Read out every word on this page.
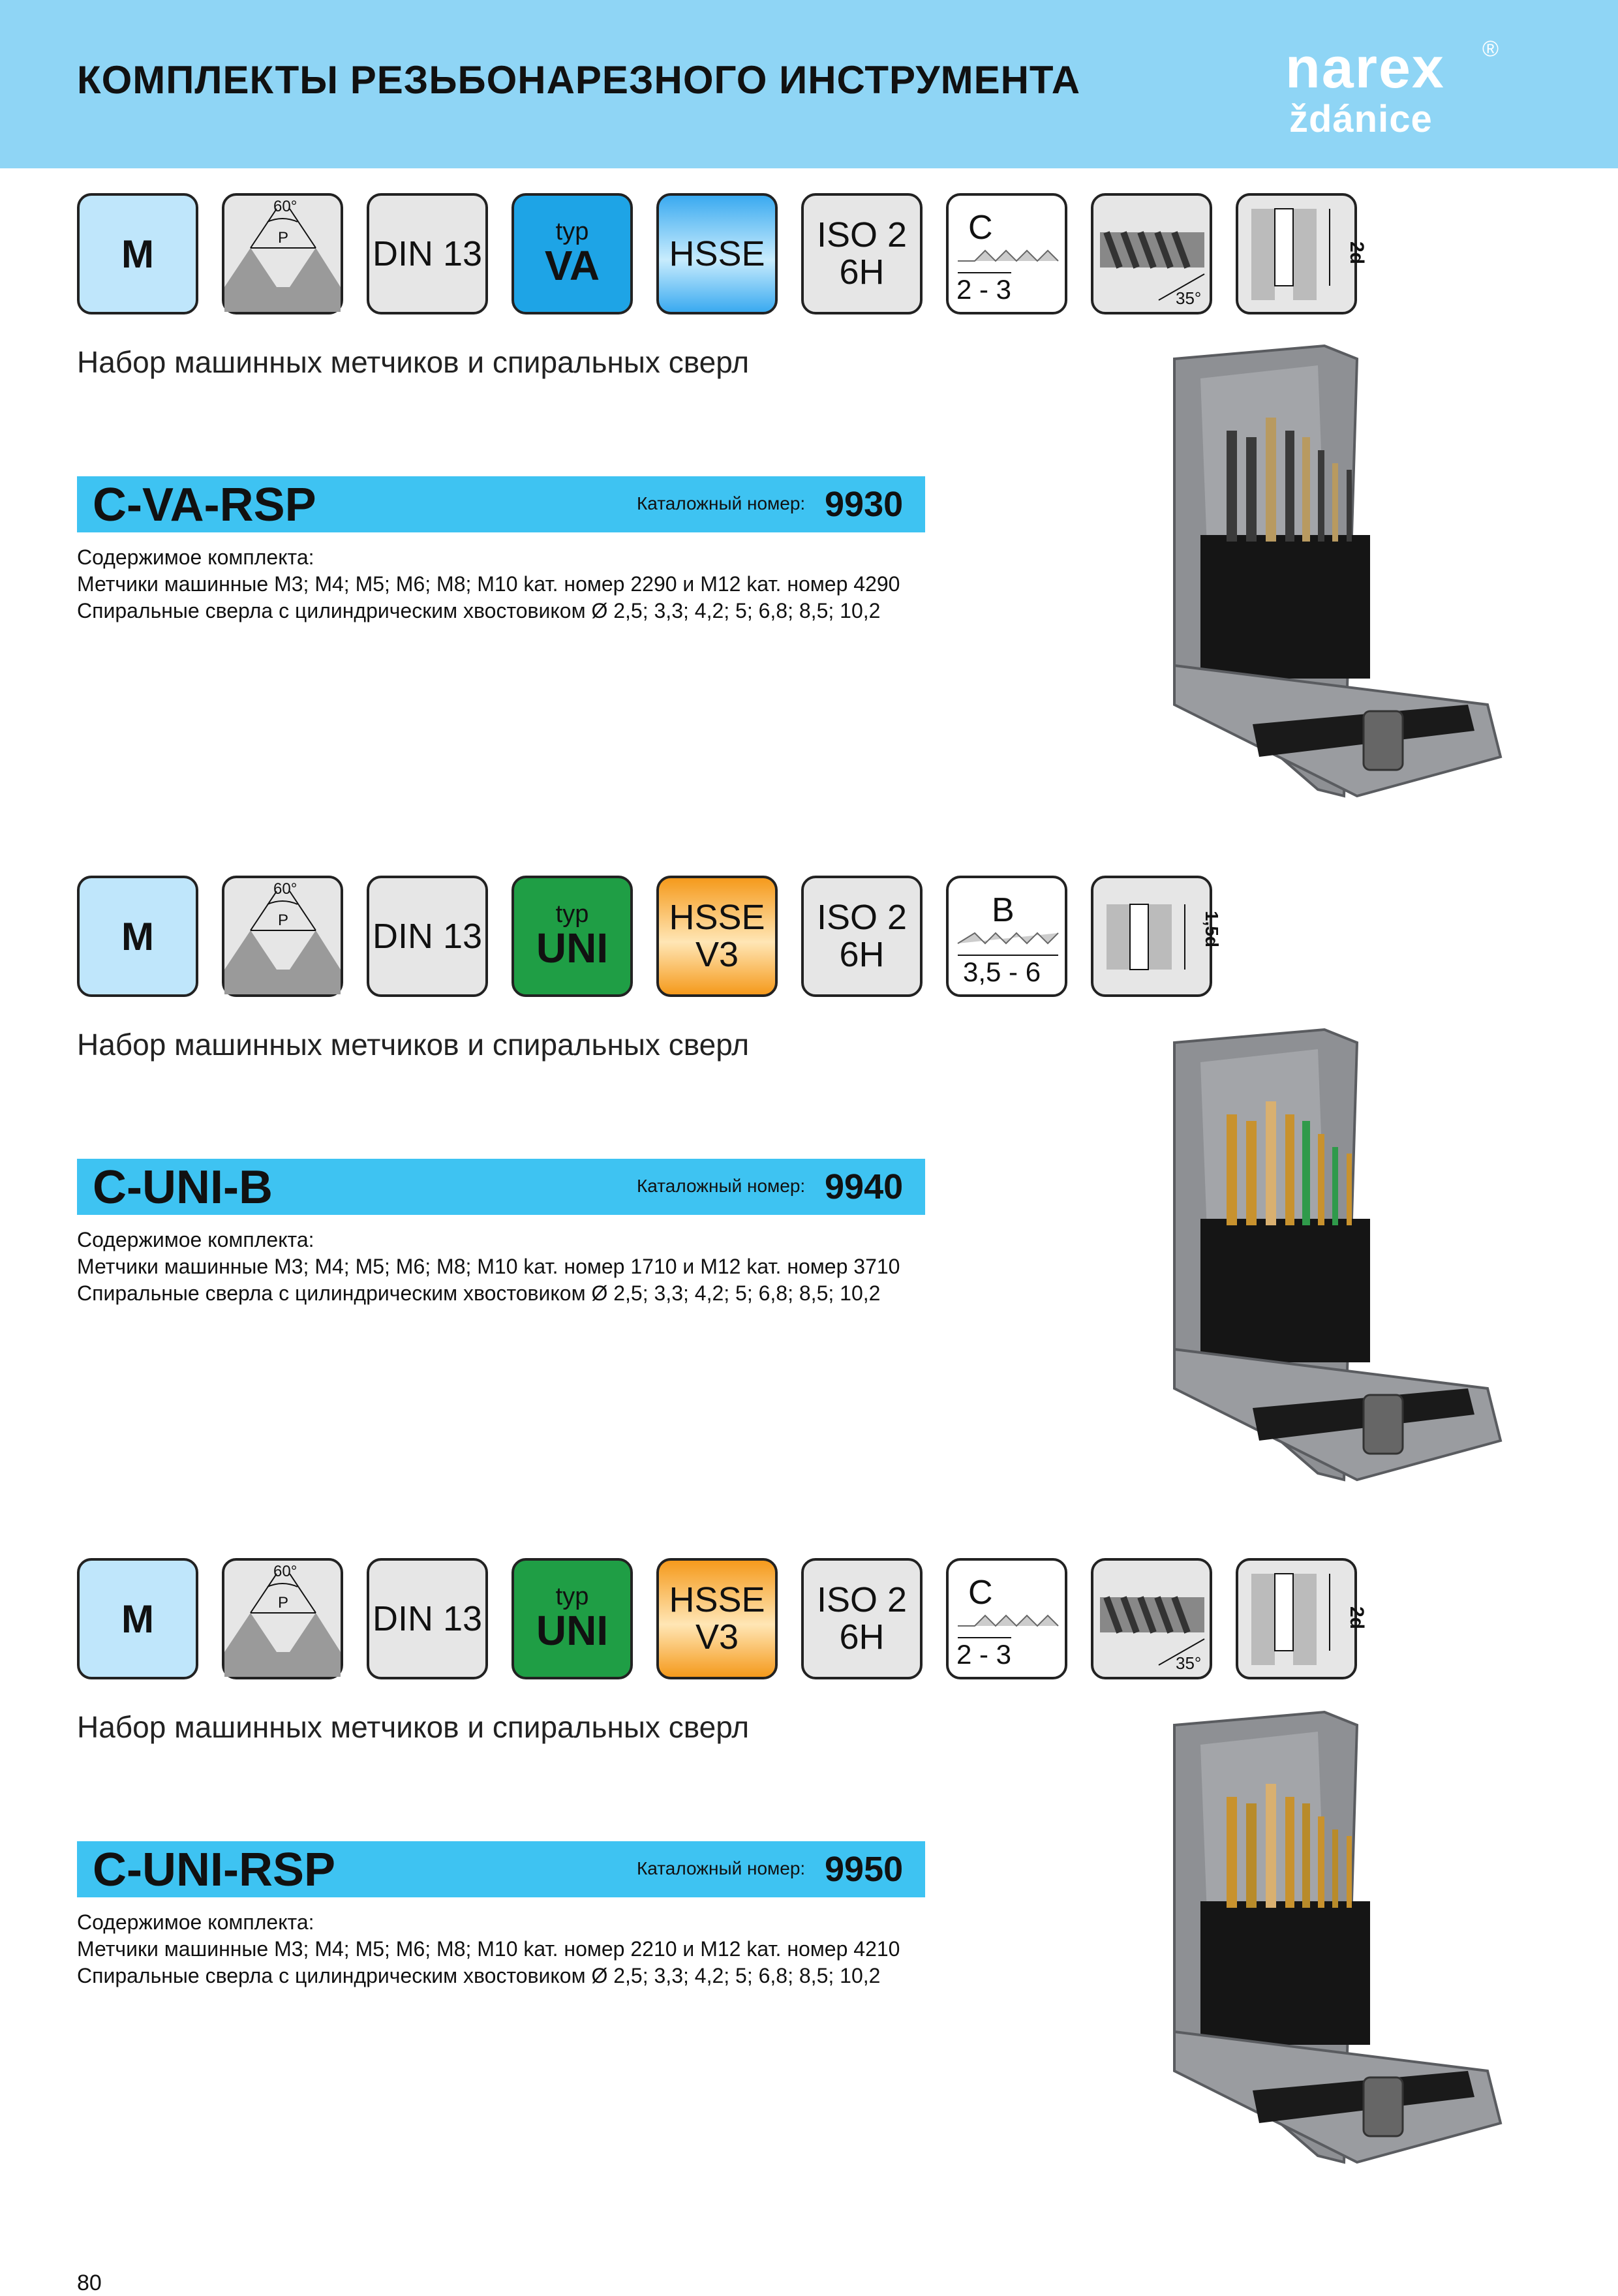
КОМПЛЕКТЫ РЕЗЬБОНАРЕЗНОГО ИНСТРУМЕНТА	narex
ždánice
®
M
60°
P DIN 13
typ
VA HSSE ISO 2
6H
C
2 - 3	35°
2d
Набор машинных метчиков и спиральных сверл
C-VA-RSP	Каталожный номер: 9930
Содержимое комплекта:
Метчики машинные M3; M4; M5; M6; M8; M10 kат. номер 2290 и M12 kат. номер 4290
Спиральные сверла с цилиндрическим хвостовиком Ø 2,5; 3,3; 4,2; 5; 6,8; 8,5; 10,2
M
60°
P DIN 13
typ
UNI
HSSE
V3
ISO 2
6H
B
3,5 - 6
1,5d
Набор машинных метчиков и спиральных сверл
C-UNI-B	Каталожный номер: 9940
Содержимое комплекта:
Метчики машинные M3; M4; M5; M6; M8; M10 kат. номер 1710 и M12 kат. номер 3710
Спиральные сверла с цилиндрическим хвостовиком Ø 2,5; 3,3; 4,2; 5; 6,8; 8,5; 10,2
M
60°
P DIN 13
typ
UNI
HSSE
V3
ISO 2
6H
C
2 - 3	35°
2d
Набор машинных метчиков и спиральных сверл
C-UNI-RSP	Каталожный номер: 9950
Содержимое комплекта:
Метчики машинные M3; M4; M5; M6; M8; M10 kат. номер 2210 и M12 kат. номер 4210
Спиральные сверла с цилиндрическим хвостовиком Ø 2,5; 3,3; 4,2; 5; 6,8; 8,5; 10,2
80
